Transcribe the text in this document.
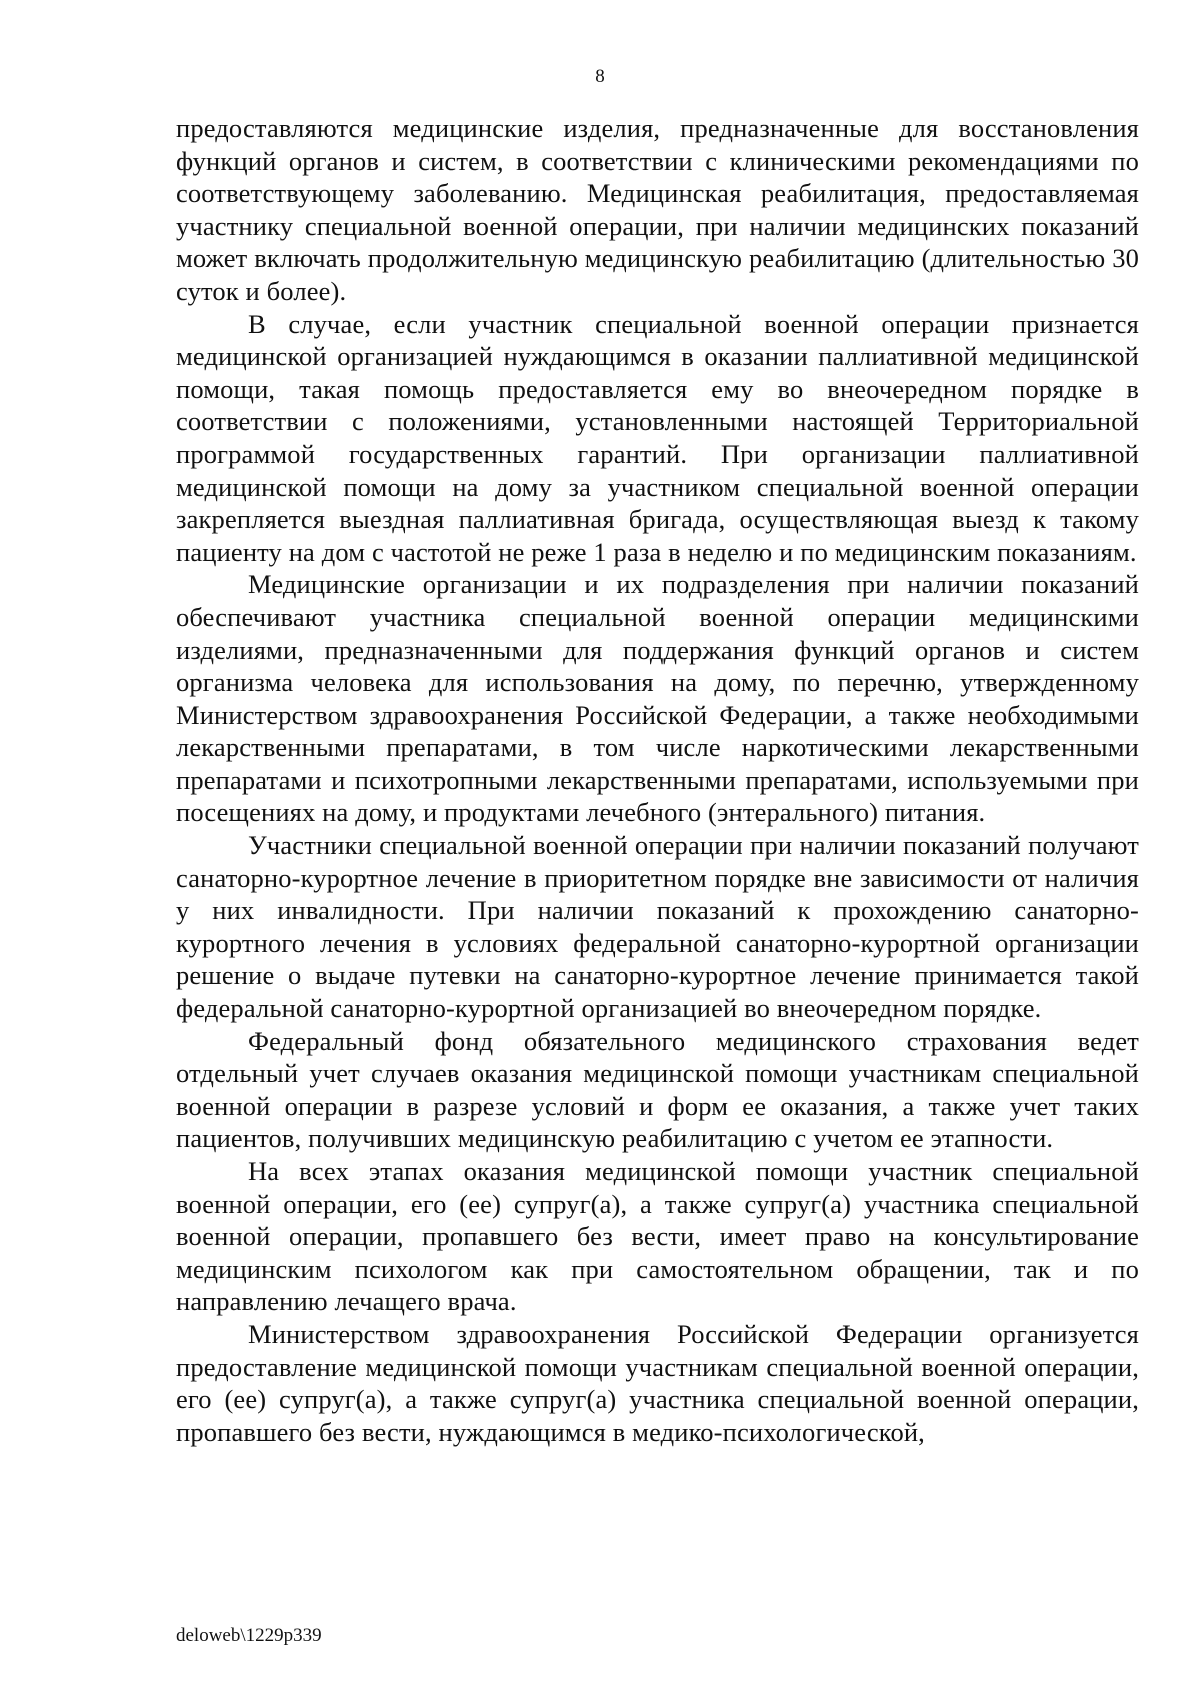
8

предоставляются медицинские изделия, предназначенные для восстановления функций органов и систем, в соответствии с клиническими рекомендациями по соответствующему заболеванию. Медицинская реабилитация, предоставляемая участнику специальной военной операции, при наличии медицинских показаний может включать продолжительную медицинскую реабилитацию (длительностью 30 суток и более).

В случае, если участник специальной военной операции признается медицинской организацией нуждающимся в оказании паллиативной медицинской помощи, такая помощь предоставляется ему во внеочередном порядке в соответствии с положениями, установленными настоящей Территориальной программой государственных гарантий. При организации паллиативной медицинской помощи на дому за участником специальной военной операции закрепляется выездная паллиативная бригада, осуществляющая выезд к такому пациенту на дом с частотой не реже 1 раза в неделю и по медицинским показаниям.

Медицинские организации и их подразделения при наличии показаний обеспечивают участника специальной военной операции медицинскими изделиями, предназначенными для поддержания функций органов и систем организма человека для использования на дому, по перечню, утвержденному Министерством здравоохранения Российской Федерации, а также необходимыми лекарственными препаратами, в том числе наркотическими лекарственными препаратами и психотропными лекарственными препаратами, используемыми при посещениях на дому, и продуктами лечебного (энтерального) питания.

Участники специальной военной операции при наличии показаний получают санаторно-курортное лечение в приоритетном порядке вне зависимости от наличия у них инвалидности. При наличии показаний к прохождению санаторно-курортного лечения в условиях федеральной санаторно-курортной организации решение о выдаче путевки на санаторно-курортное лечение принимается такой федеральной санаторно-курортной организацией во внеочередном порядке.

Федеральный фонд обязательного медицинского страхования ведет отдельный учет случаев оказания медицинской помощи участникам специальной военной операции в разрезе условий и форм ее оказания, а также учет таких пациентов, получивших медицинскую реабилитацию с учетом ее этапности.

На всех этапах оказания медицинской помощи участник специальной военной операции, его (ее) супруг(а), а также супруг(а) участника специальной военной операции, пропавшего без вести, имеет право на консультирование медицинским психологом как при самостоятельном обращении, так и по направлению лечащего врача.

Министерством здравоохранения Российской Федерации организуется предоставление медицинской помощи участникам специальной военной операции, его (ее) супруг(а), а также супруг(а) участника специальной военной операции, пропавшего без вести, нуждающимся в медико-психологической,

deloweb\1229p339
